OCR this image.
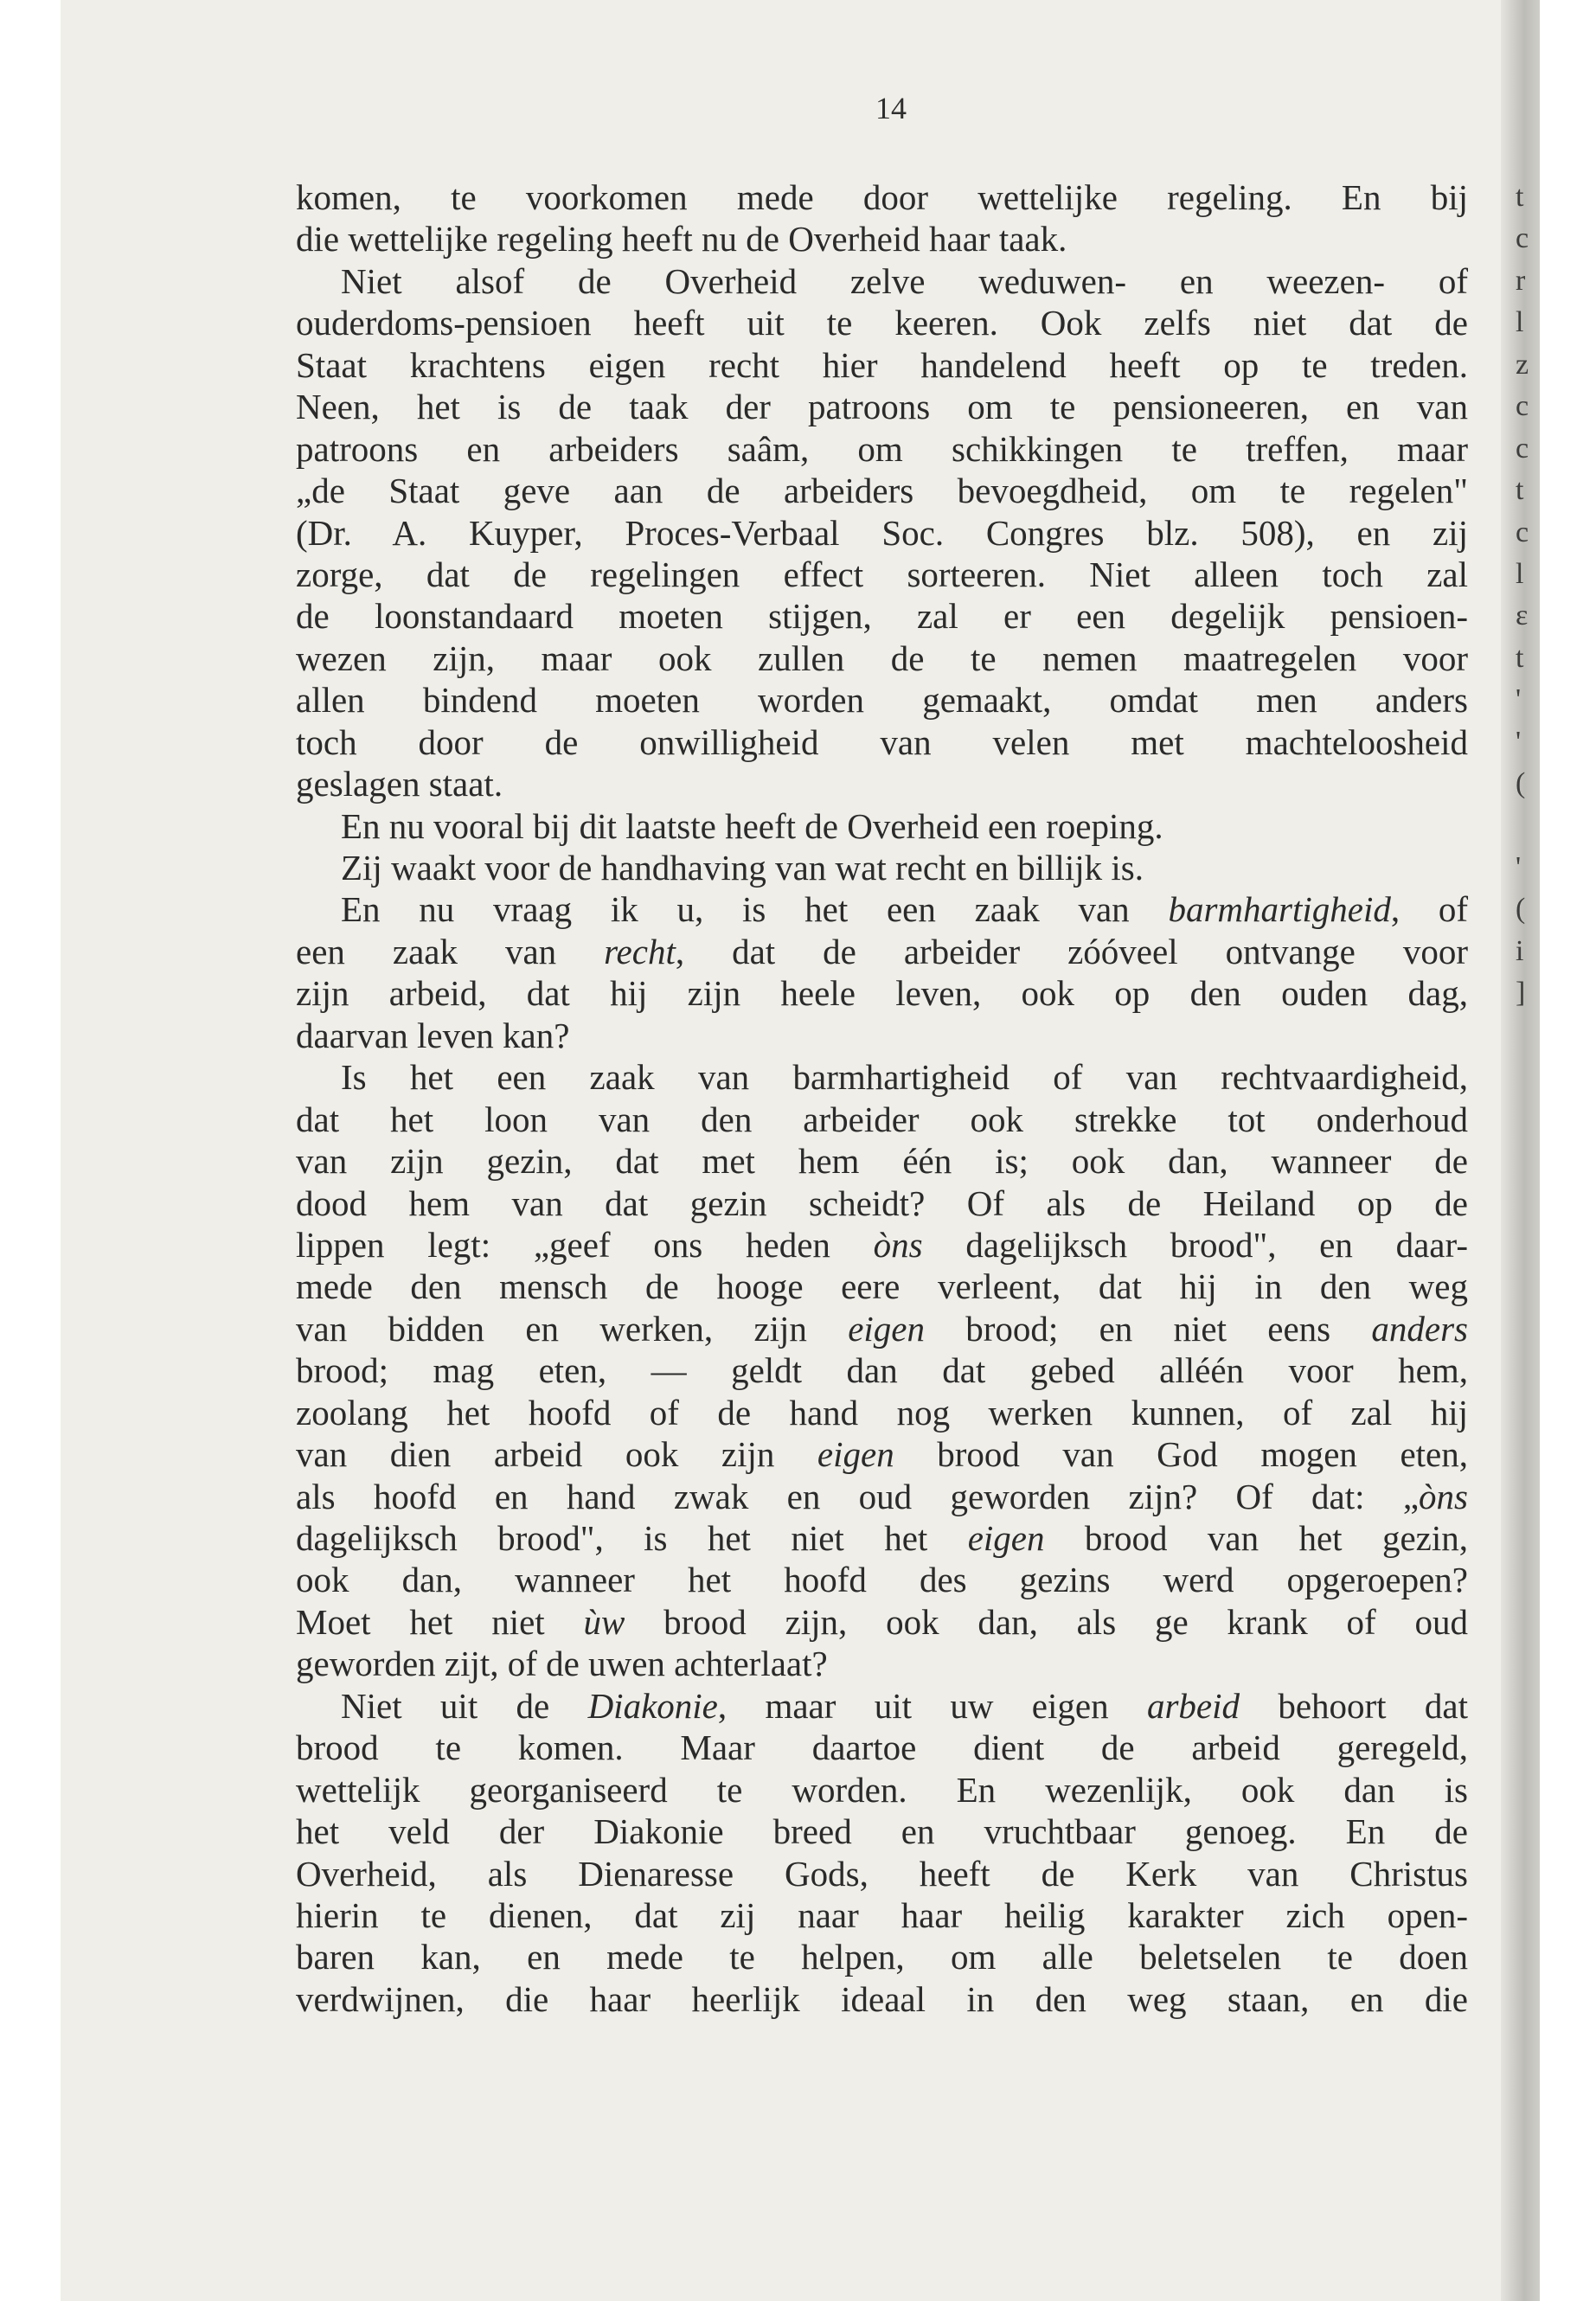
14
komen, te voorkomen mede door wettelijke regeling. En bij
die wettelijke regeling heeft nu de Overheid haar taak.
Niet alsof de Overheid zelve weduwen- en weezen- of
ouderdoms-pensioen heeft uit te keeren. Ook zelfs niet dat de
Staat krachtens eigen recht hier handelend heeft op te treden.
Neen, het is de taak der patroons om te pensioneeren, en van
patroons en arbeiders saâm, om schikkingen te treffen, maar
„de Staat geve aan de arbeiders bevoegdheid, om te regelen"
(Dr. A. Kuyper, Proces-Verbaal Soc. Congres blz. 508), en zij
zorge, dat de regelingen effect sorteeren. Niet alleen toch zal
de loonstandaard moeten stijgen, zal er een degelijk pensioen-
wezen zijn, maar ook zullen de te nemen maatregelen voor
allen bindend moeten worden gemaakt, omdat men anders
toch door de onwilligheid van velen met machteloosheid
geslagen staat.
En nu vooral bij dit laatste heeft de Overheid een roeping.
Zij waakt voor de handhaving van wat recht en billijk is.
En nu vraag ik u, is het een zaak van barmhartigheid, of
een zaak van recht, dat de arbeider zóóveel ontvange voor
zijn arbeid, dat hij zijn heele leven, ook op den ouden dag,
daarvan leven kan?
Is het een zaak van barmhartigheid of van rechtvaardigheid,
dat het loon van den arbeider ook strekke tot onderhoud
van zijn gezin, dat met hem één is; ook dan, wanneer de
dood hem van dat gezin scheidt? Of als de Heiland op de
lippen legt: „geef ons heden òns dagelijksch brood", en daar-
mede den mensch de hooge eere verleent, dat hij in den weg
van bidden en werken, zijn eigen brood; en niet eens anders
brood; mag eten, — geldt dan dat gebed alléén voor hem,
zoolang het hoofd of de hand nog werken kunnen, of zal hij
van dien arbeid ook zijn eigen brood van God mogen eten,
als hoofd en hand zwak en oud geworden zijn? Of dat: „òns
dagelijksch brood", is het niet het eigen brood van het gezin,
ook dan, wanneer het hoofd des gezins werd opgeroepen?
Moet het niet ùw brood zijn, ook dan, als ge krank of oud
geworden zijt, of de uwen achterlaat?
Niet uit de Diakonie, maar uit uw eigen arbeid behoort dat
brood te komen. Maar daartoe dient de arbeid geregeld,
wettelijk georganiseerd te worden. En wezenlijk, ook dan is
het veld der Diakonie breed en vruchtbaar genoeg. En de
Overheid, als Dienaresse Gods, heeft de Kerk van Christus
hierin te dienen, dat zij naar haar heilig karakter zich open-
baren kan, en mede te helpen, om alle beletselen te doen
verdwijnen, die haar heerlijk ideaal in den weg staan, en die
t
c
r
l
z
c
c
t
c
l
ɛ
t
'
'
(
'
(
i
]
